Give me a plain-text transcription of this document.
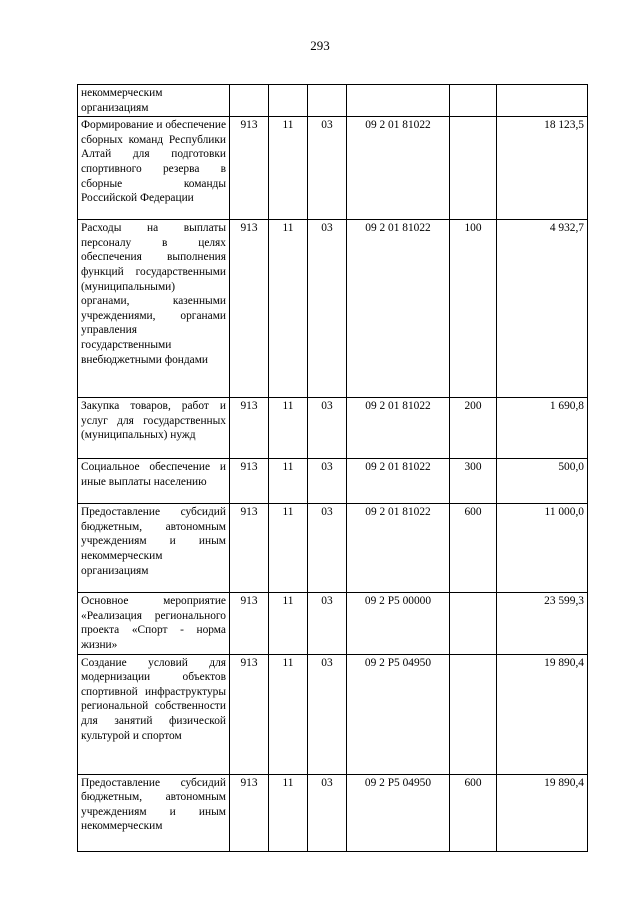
293
некоммерческим организациям						
Формирование и обеспечение сборных команд Республики Алтай для подготовки спортивного резерва в сборные команды Российской Федерации	913	11	03	09 2 01 81022		18 123,5
Расходы на выплаты персоналу в целях обеспечения выполнения функций государственными (муниципальными) органами, казенными учреждениями, органами управления государственными внебюджетными фондами	913	11	03	09 2 01 81022	100	4 932,7
Закупка товаров, работ и услуг для государственных (муниципальных) нужд	913	11	03	09 2 01 81022	200	1 690,8
Социальное обеспечение и иные выплаты населению	913	11	03	09 2 01 81022	300	500,0
Предоставление субсидий бюджетным, автономным учреждениям и иным некоммерческим организациям	913	11	03	09 2 01 81022	600	11 000,0
Основное мероприятие «Реализация регионального проекта «Спорт - норма жизни»	913	11	03	09 2 P5 00000		23 599,3
Создание условий для модернизации объектов спортивной инфраструктуры региональной собственности для занятий физической культурой и спортом	913	11	03	09 2 P5 04950		19 890,4
Предоставление субсидий бюджетным, автономным учреждениям и иным некоммерческим	913	11	03	09 2 P5 04950	600	19 890,4
